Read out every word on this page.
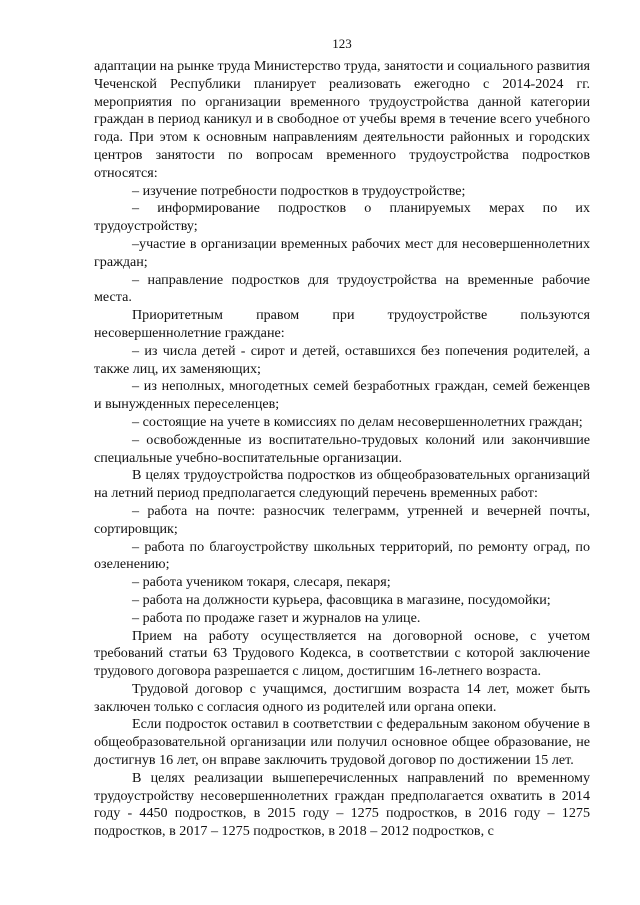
123

адаптации на рынке труда Министерство труда, занятости и социального развития Чеченской Республики планирует реализовать ежегодно с 2014-2024 гг. мероприятия по организации временного трудоустройства данной категории граждан в период каникул и в свободное от учебы время в течение всего учебного года. При этом к основным направлениям деятельности районных и городских центров занятости по вопросам временного трудоустройства подростков относятся:

– изучение потребности подростков в трудоустройстве;

– информирование подростков о планируемых мерах по их трудоустройству;

–участие в организации временных рабочих мест для несовершеннолетних граждан;

– направление подростков для трудоустройства на временные рабочие места.

Приоритетным правом при трудоустройстве пользуются несовершеннолетние граждане:

– из числа детей - сирот и детей, оставшихся без попечения родителей, а также лиц, их заменяющих;

– из неполных, многодетных семей безработных граждан, семей беженцев и вынужденных переселенцев;

– состоящие на учете в комиссиях по делам несовершеннолетних граждан;

– освобожденные из воспитательно-трудовых колоний или закончившие специальные учебно-воспитательные организации.

В целях трудоустройства подростков из общеобразовательных организаций на летний период предполагается следующий перечень временных работ:

– работа на почте: разносчик телеграмм, утренней и вечерней почты, сортировщик;

– работа по благоустройству школьных территорий, по ремонту оград, по озеленению;

– работа учеником токаря, слесаря, пекаря;

– работа на должности курьера, фасовщика в магазине, посудомойки;

– работа по продаже газет и журналов на улице.

Прием на работу осуществляется на договорной основе, с учетом требований статьи 63 Трудового Кодекса, в соответствии с которой заключение трудового договора разрешается с лицом, достигшим 16-летнего возраста.

Трудовой договор с учащимся, достигшим возраста 14 лет, может быть заключен только с согласия одного из родителей или органа опеки.

Если подросток оставил в соответствии с федеральным законом обучение в общеобразовательной организации или получил основное общее образование, не достигнув 16 лет, он вправе заключить трудовой договор по достижении 15 лет.

В целях реализации вышеперечисленных направлений по временному трудоустройству несовершеннолетних граждан предполагается охватить в 2014 году - 4450 подростков, в 2015 году – 1275 подростков, в 2016 году – 1275 подростков, в 2017 – 1275 подростков, в 2018 – 2012 подростков, с
